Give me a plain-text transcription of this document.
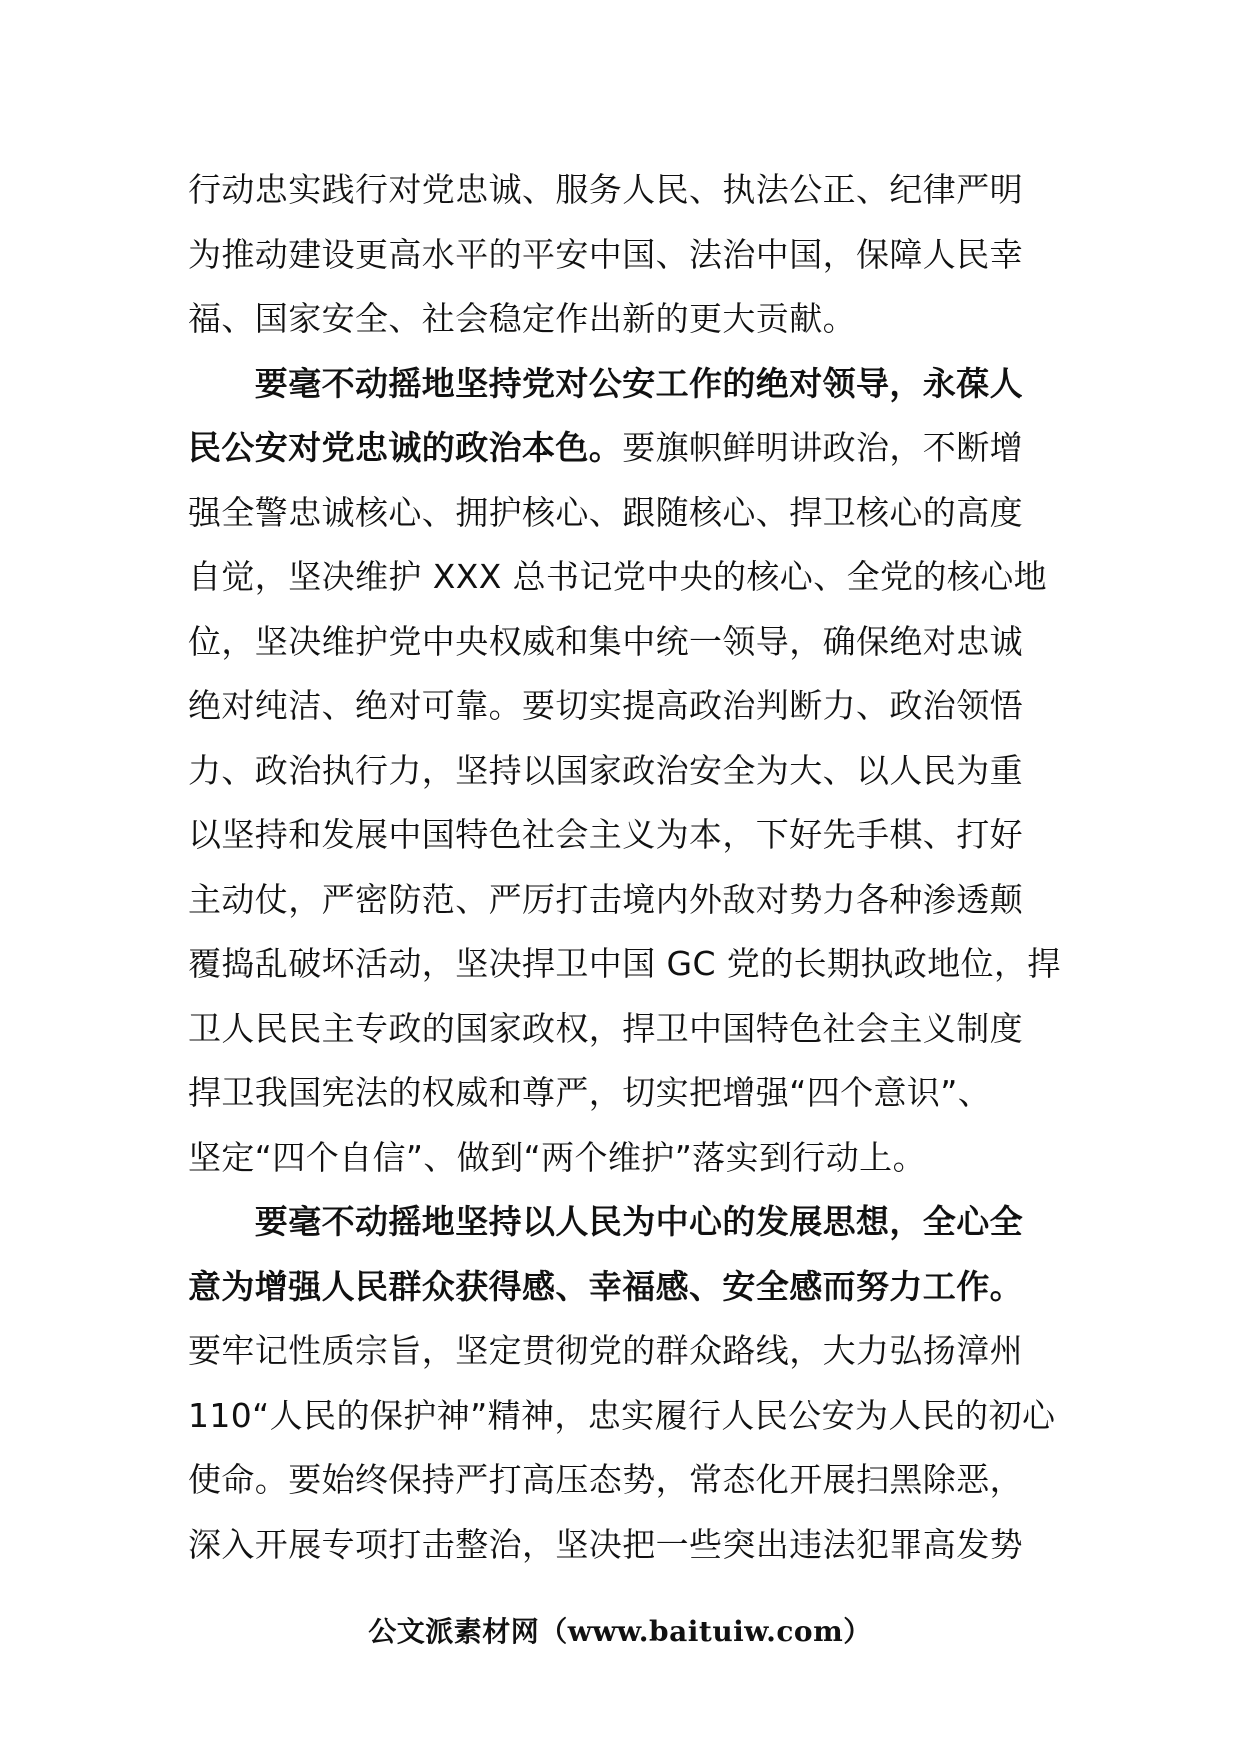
行动忠实践行对党忠诚、服务人民、执法公正、纪律严明
为推动建设更高水平的平安中国、法治中国，保障人民幸
福、国家安全、社会稳定作出新的更大贡献。
　　要毫不动摇地坚持党对公安工作的绝对领导，永葆人
民公安对党忠诚的政治本色。要旗帜鲜明讲政治，不断增
强全警忠诚核心、拥护核心、跟随核心、捍卫核心的高度
自觉，坚决维护 XXX 总书记党中央的核心、全党的核心地
位，坚决维护党中央权威和集中统一领导，确保绝对忠诚
绝对纯洁、绝对可靠。要切实提高政治判断力、政治领悟
力、政治执行力，坚持以国家政治安全为大、以人民为重
以坚持和发展中国特色社会主义为本，下好先手棋、打好
主动仗，严密防范、严厉打击境内外敌对势力各种渗透颠
覆捣乱破坏活动，坚决捍卫中国 GC 党的长期执政地位，捍
卫人民民主专政的国家政权，捍卫中国特色社会主义制度
捍卫我国宪法的权威和尊严，切实把增强“四个意识”、
坚定“四个自信”、做到“两个维护”落实到行动上。
　　要毫不动摇地坚持以人民为中心的发展思想，全心全
意为增强人民群众获得感、幸福感、安全感而努力工作。
要牢记性质宗旨，坚定贯彻党的群众路线，大力弘扬漳州
110“人民的保护神”精神，忠实履行人民公安为人民的初心
使命。要始终保持严打高压态势，常态化开展扫黑除恶，
深入开展专项打击整治，坚决把一些突出违法犯罪高发势
公文派素材网（www.baituiw.com）
